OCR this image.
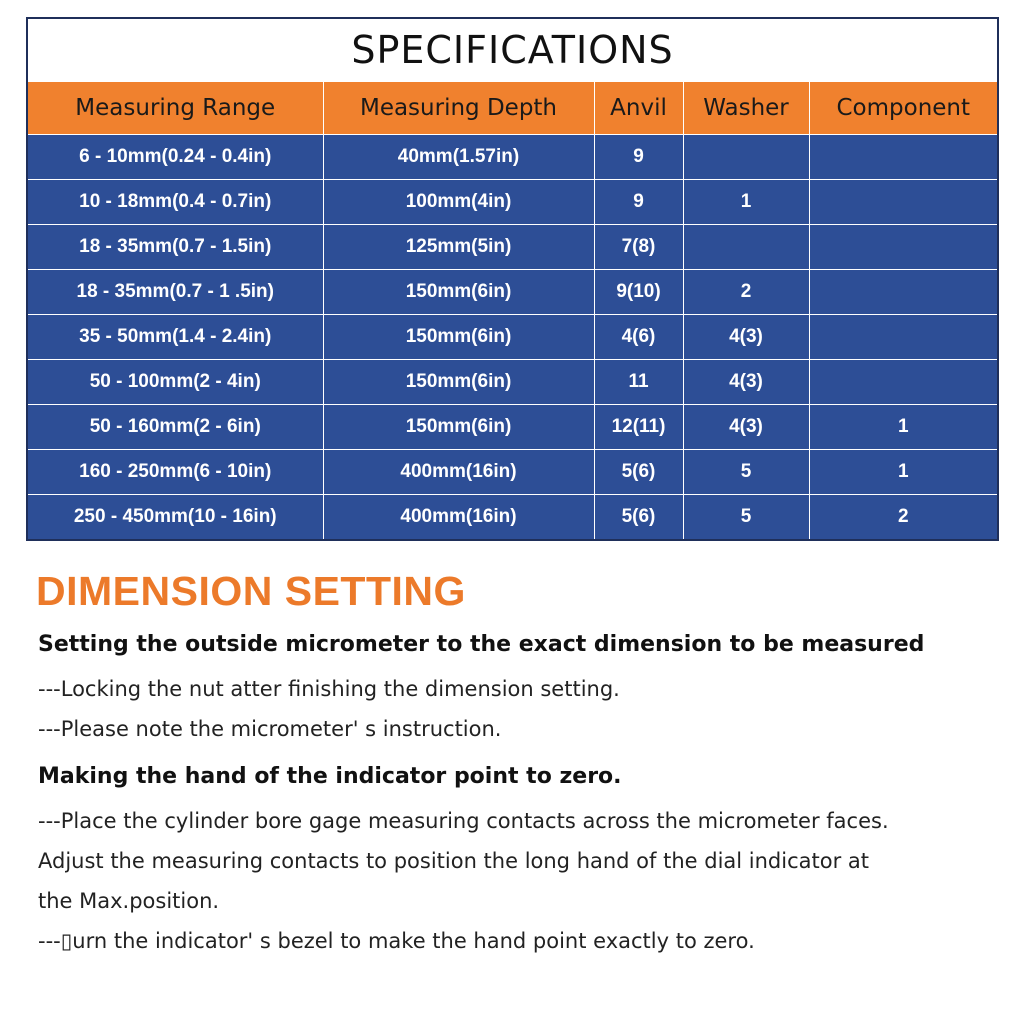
SPECIFICATIONS				
Measuring Range	Measuring Depth	Anvil	Washer	Component
6 - 10mm(0.24 - 0.4in)	40mm(1.57in)	9		
10 - 18mm(0.4 - 0.7in)	100mm(4in)	9	1	
18 - 35mm(0.7 - 1.5in)	125mm(5in)	7(8)		
18 - 35mm(0.7 - 1 .5in)	150mm(6in)	9(10)	2	
35 - 50mm(1.4 - 2.4in)	150mm(6in)	4(6)	4(3)	
50 - 100mm(2 - 4in)	150mm(6in)	11	4(3)	
50 - 160mm(2 - 6in)	150mm(6in)	12(11)	4(3)	1
160 - 250mm(6 - 10in)	400mm(16in)	5(6)	5	1
250 - 450mm(10 - 16in)	400mm(16in)	5(6)	5	2
DIMENSION SETTING

Setting the outside micrometer to the exact dimension to be measured

---Locking the nut atter finishing the dimension setting.

---Please note the micrometer' s instruction.

Making the hand of the indicator point to zero.

---Place the cylinder bore gage measuring contacts across the micrometer faces.

Adjust the measuring contacts to position the long hand of the dial indicator at

the Max.position.

---▯urn the indicator' s bezel to make the hand point exactly to zero.
